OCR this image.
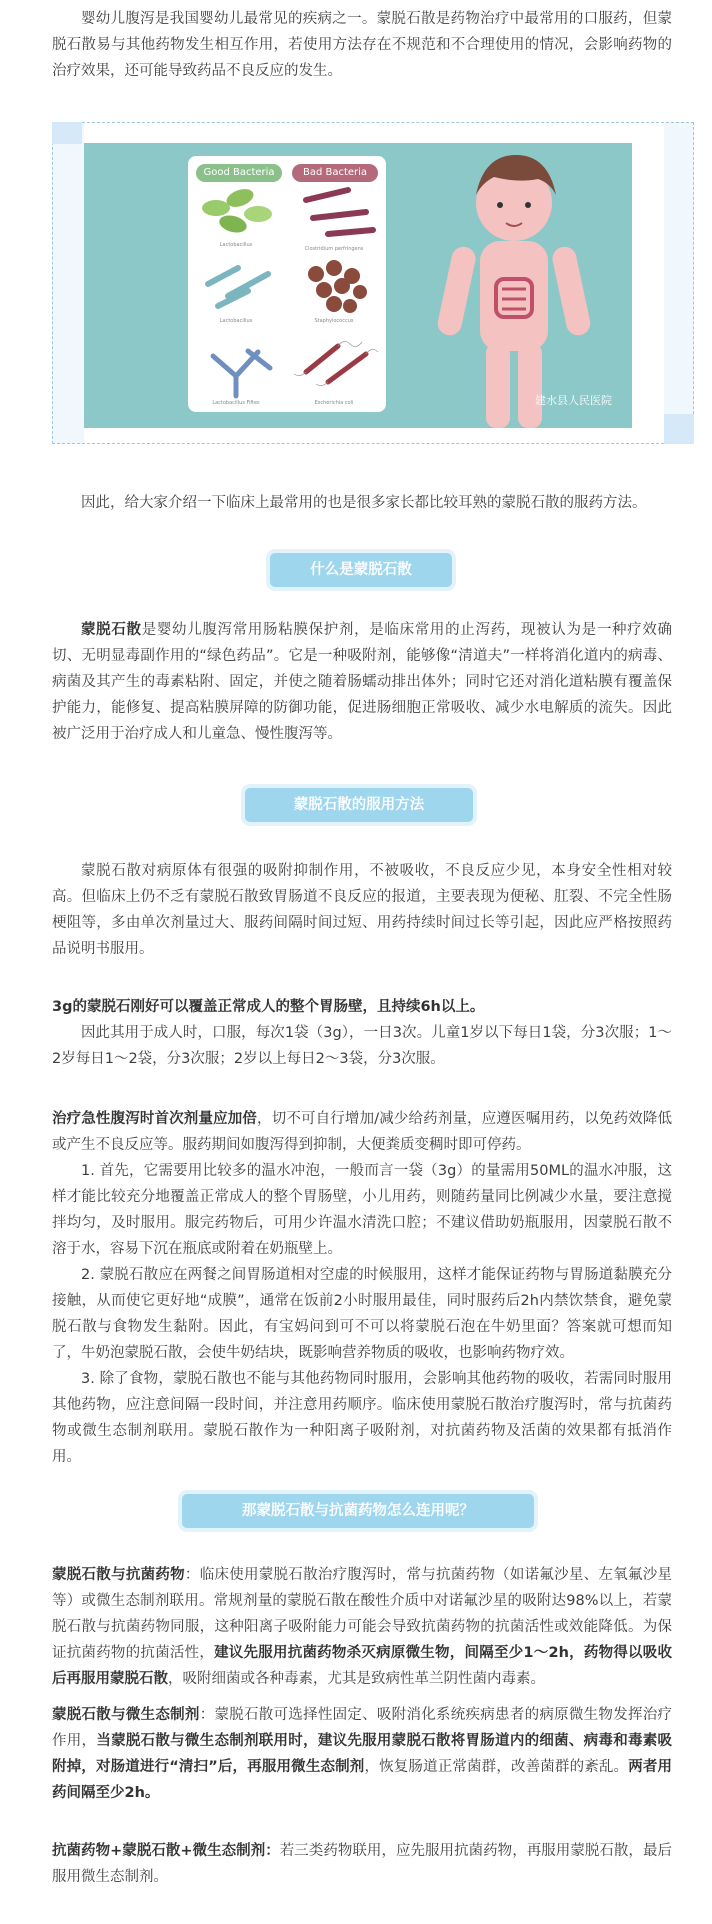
婴幼儿腹泻是我国婴幼儿最常见的疾病之一。蒙脱石散是药物治疗中最常用的口服药，但蒙脱石散易与其他药物发生相互作用，若使用方法存在不规范和不合理使用的情况，会影响药物的治疗效果，还可能导致药品不良反应的发生。

Good Bacteria	Bad Bacteria
Lactobacillus
Clostridium perfringens
Lactobacillus	Staphylococcus
Lactobacillus Fiftes	Escherichia coli	建水县人民医院

因此，给大家介绍一下临床上最常用的也是很多家长都比较耳熟的蒙脱石散的服药方法。

什么是蒙脱石散

蒙脱石散是婴幼儿腹泻常用肠粘膜保护剂，是临床常用的止泻药，现被认为是一种疗效确切、无明显毒副作用的“绿色药品”。它是一种吸附剂，能够像“清道夫”一样将消化道内的病毒、病菌及其产生的毒素粘附、固定，并使之随着肠蠕动排出体外；同时它还对消化道粘膜有覆盖保护能力，能修复、提高粘膜屏障的防御功能，促进肠细胞正常吸收、减少水电解质的流失。因此被广泛用于治疗成人和儿童急、慢性腹泻等。

蒙脱石散的服用方法

蒙脱石散对病原体有很强的吸附抑制作用，不被吸收，不良反应少见，本身安全性相对较高。但临床上仍不乏有蒙脱石散致胃肠道不良反应的报道，主要表现为便秘、肛裂、不完全性肠梗阻等，多由单次剂量过大、服药间隔时间过短、用药持续时间过长等引起，因此应严格按照药品说明书服用。

3g的蒙脱石刚好可以覆盖正常成人的整个胃肠壁，且持续6h以上。

因此其用于成人时，口服，每次1袋（3g），一日3次。儿童1岁以下每日1袋，分3次服；1～2岁每日1～2袋，分3次服；2岁以上每日2～3袋，分3次服。

治疗急性腹泻时首次剂量应加倍，切不可自行增加/减少给药剂量，应遵医嘱用药，以免药效降低或产生不良反应等。服药期间如腹泻得到抑制，大便粪质变稠时即可停药。

1. 首先，它需要用比较多的温水冲泡，一般而言一袋（3g）的量需用50ML的温水冲服，这样才能比较充分地覆盖正常成人的整个胃肠壁，小儿用药，则随药量同比例减少水量，要注意搅拌均匀，及时服用。服完药物后，可用少许温水清洗口腔；不建议借助奶瓶服用，因蒙脱石散不溶于水，容易下沉在瓶底或附着在奶瓶壁上。

2. 蒙脱石散应在两餐之间胃肠道相对空虚的时候服用，这样才能保证药物与胃肠道黏膜充分接触，从而使它更好地“成膜”，通常在饭前2小时服用最佳，同时服药后2h内禁饮禁食，避免蒙脱石散与食物发生黏附。因此，有宝妈问到可不可以将蒙脱石泡在牛奶里面？答案就可想而知了，牛奶泡蒙脱石散，会使牛奶结块，既影响营养物质的吸收，也影响药物疗效。

3. 除了食物，蒙脱石散也不能与其他药物同时服用，会影响其他药物的吸收，若需同时服用其他药物，应注意间隔一段时间，并注意用药顺序。临床使用蒙脱石散治疗腹泻时，常与抗菌药物或微生态制剂联用。蒙脱石散作为一种阳离子吸附剂，对抗菌药物及活菌的效果都有抵消作用。

那蒙脱石散与抗菌药物怎么连用呢？

蒙脱石散与抗菌药物：临床使用蒙脱石散治疗腹泻时，常与抗菌药物（如诺氟沙星、左氧氟沙星等）或微生态制剂联用。常规剂量的蒙脱石散在酸性介质中对诺氟沙星的吸附达98%以上，若蒙脱石散与抗菌药物同服，这种阳离子吸附能力可能会导致抗菌药物的抗菌活性或效能降低。为保证抗菌药物的抗菌活性，建议先服用抗菌药物杀灭病原微生物，间隔至少1～2h，药物得以吸收后再服用蒙脱石散，吸附细菌或各种毒素，尤其是致病性革兰阴性菌内毒素。

蒙脱石散与微生态制剂：蒙脱石散可选择性固定、吸附消化系统疾病患者的病原微生物发挥治疗作用，当蒙脱石散与微生态制剂联用时，建议先服用蒙脱石散将胃肠道内的细菌、病毒和毒素吸附掉，对肠道进行“清扫”后，再服用微生态制剂，恢复肠道正常菌群，改善菌群的紊乱。两者用药间隔至少2h。

抗菌药物+蒙脱石散+微生态制剂：若三类药物联用，应先服用抗菌药物，再服用蒙脱石散，最后服用微生态制剂。
